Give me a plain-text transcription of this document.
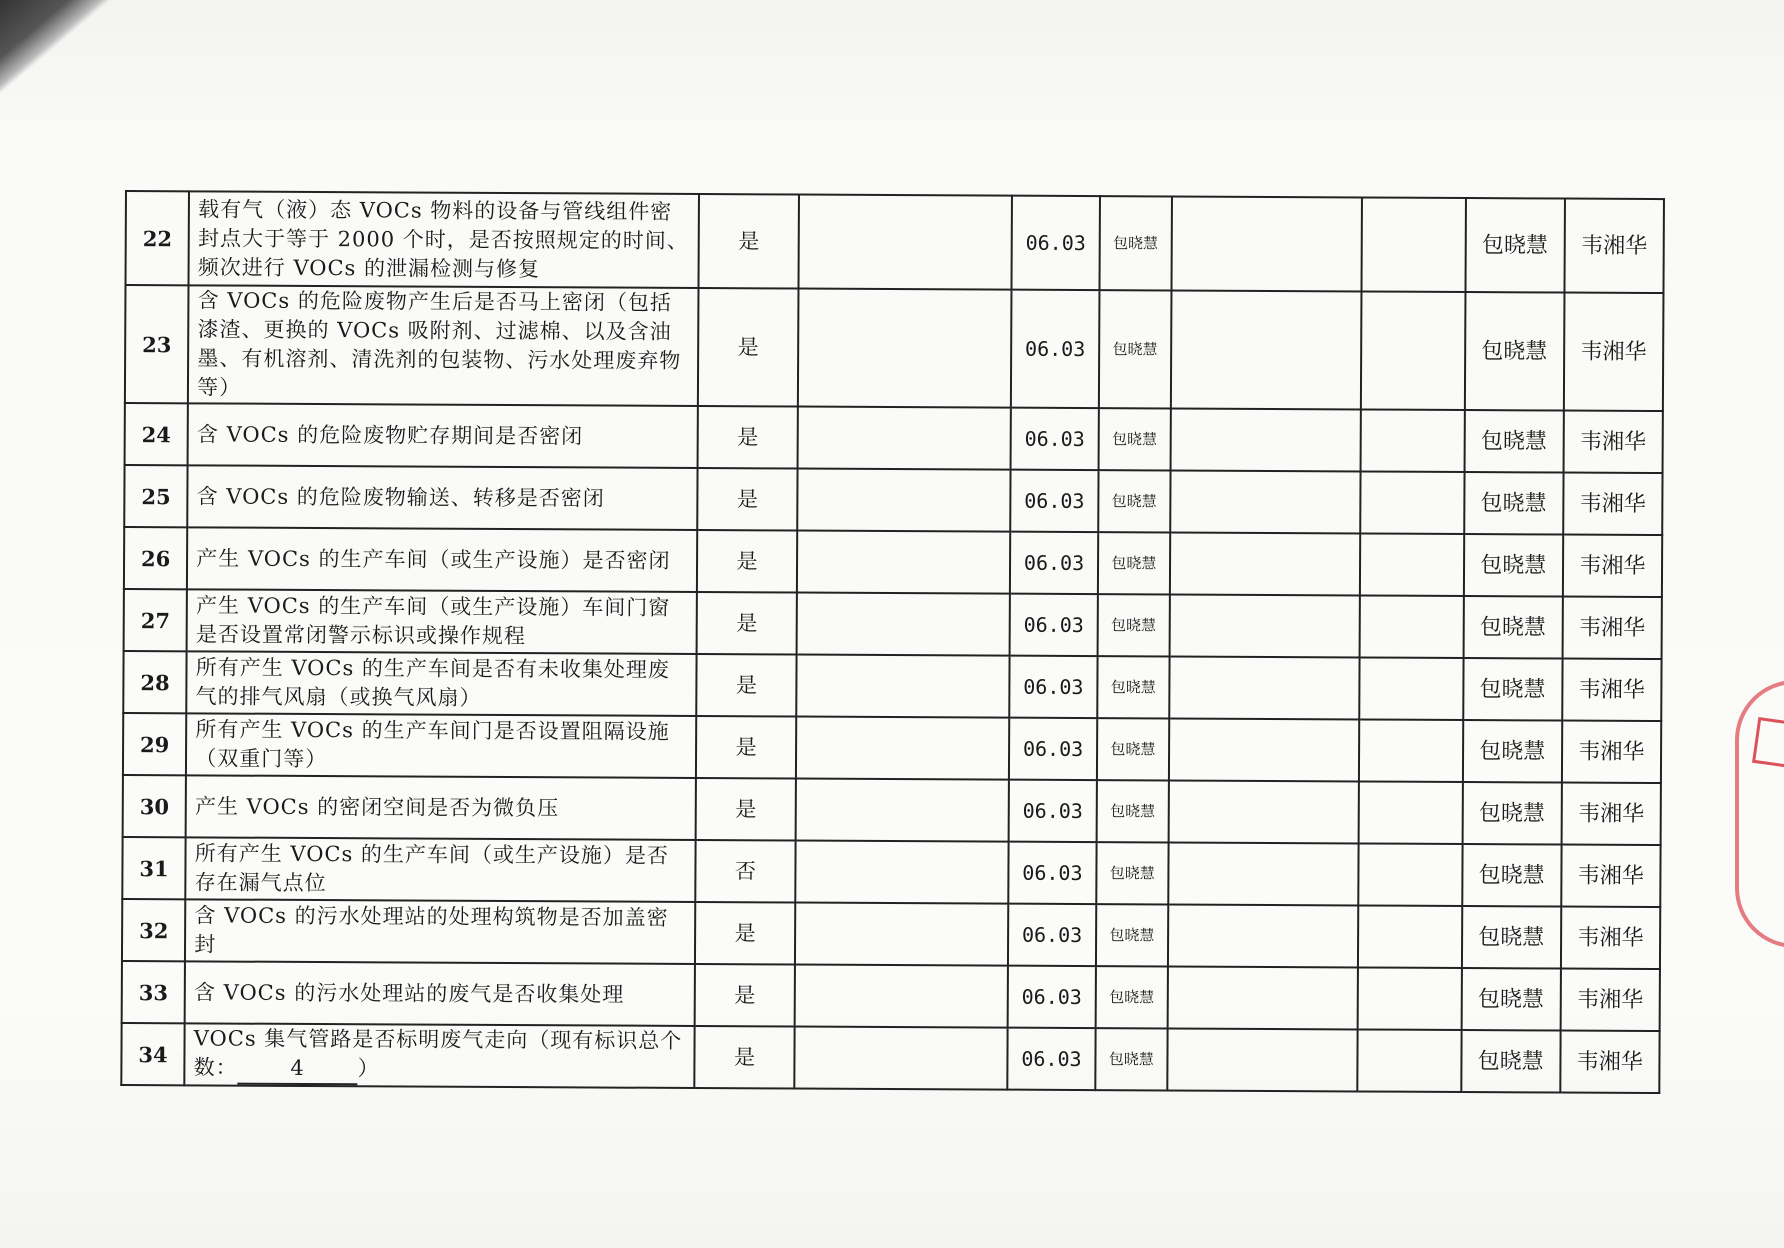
22	载有气（液）态 VOCs 物料的设备与管线组件密封点大于等于 2000 个时，是否按照规定的时间、频次进行 VOCs 的泄漏检测与修复	是		06.03	包晓慧			包晓慧	韦湘华
23	含 VOCs 的危险废物产生后是否马上密闭（包括漆渣、更换的 VOCs 吸附剂、过滤棉、以及含油墨、有机溶剂、清洗剂的包装物、污水处理废弃物等）	是		06.03	包晓慧			包晓慧	韦湘华
24	含 VOCs 的危险废物贮存期间是否密闭	是		06.03	包晓慧			包晓慧	韦湘华
25	含 VOCs 的危险废物输送、转移是否密闭	是		06.03	包晓慧			包晓慧	韦湘华
26	产生 VOCs 的生产车间（或生产设施）是否密闭	是		06.03	包晓慧			包晓慧	韦湘华
27	产生 VOCs 的生产车间（或生产设施）车间门窗是否设置常闭警示标识或操作规程	是		06.03	包晓慧			包晓慧	韦湘华
28	所有产生 VOCs 的生产车间是否有未收集处理废气的排气风扇（或换气风扇）	是		06.03	包晓慧			包晓慧	韦湘华
29	所有产生 VOCs 的生产车间门是否设置阻隔设施（双重门等）	是		06.03	包晓慧			包晓慧	韦湘华
30	产生 VOCs 的密闭空间是否为微负压	是		06.03	包晓慧			包晓慧	韦湘华
31	所有产生 VOCs 的生产车间（或生产设施）是否存在漏气点位	否		06.03	包晓慧			包晓慧	韦湘华
32	含 VOCs 的污水处理站的处理构筑物是否加盖密封	是		06.03	包晓慧			包晓慧	韦湘华
33	含 VOCs 的污水处理站的废气是否收集处理	是		06.03	包晓慧			包晓慧	韦湘华
34	VOCs 集气管路是否标明废气走向（现有标识总个数： 4 ）	是		06.03	包晓慧			包晓慧	韦湘华
